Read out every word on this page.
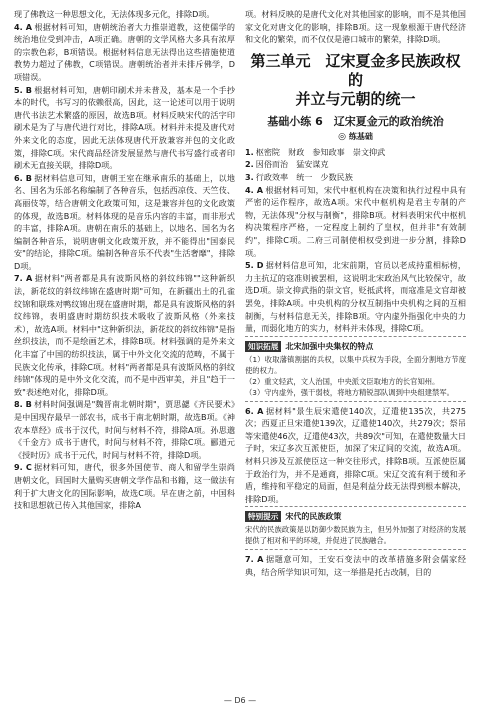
现了佛教这一种思想文化，无法体现多元化，排除D项。

4. A 根据材料可知，唐朝统治者大力推崇道教，这使儒学的统治地位受到冲击，A项正确。唐朝的文学风格大多具有浓厚的宗教色彩，B项错误。根据材料信息无法得出这些措施使道教势力超过了佛教，C项错误。唐朝统治者并未排斥佛学，D项错误。

5. B 根据材料可知，唐朝印刷术并未普及，基本是一个手抄本的时代，书写习的依赖很高，因此，这一论述可以用于说明唐代书法艺术繁盛的原因，故选B项。材料反映宋代的活字印刷术是为了与唐代进行对比，排除A项。材料并未提及唐代对外来文化的态度，因此无法体现唐代开放兼容并包的文化政策，排除C项。宋代商品经济发展显然与唐代书写盛行或者印刷术无直接关联，排除D项。

6. B 据材料信息可知，唐朝王室在继承南乐的基础上，以地名、国名为乐部名称编制了各种音乐，包括西凉伎、天竺伎、高丽伎等，结合唐朝文化政策可知，这是兼容并包的文化政策的体现，故选B项。材料体现的是音乐内容的丰富，而非形式的丰富，排除A项。唐朝在南乐的基础上，以地名、国名为名编制各种音乐，说明唐朝文化政策开放，并不能得出"国泰民安"的结论，排除C项。编制各种音乐不代表"生活奢靡"，排除D项。

7. A 据材料"两者都是具有波斯风格的斜纹纬锦""这种新织法，新花纹的斜纹纬锦在盛唐时期"可知，在新疆出土的孔雀纹锦和联珠对鸭纹锦出现在盛唐时期，都是具有波斯风格的斜纹纬锦，表明盛唐时期纺织技术吸收了波斯风格（外来技术），故选A项。材料中"这种新织法，新花纹的斜纹纬锦"是指丝织技法，而不是绘画艺术，排除B项。材料强调的是外来文化丰富了中国的纺织技法，属于中外文化交流的范畴，不属于民族文化传承，排除C项。材料"两者都是具有波斯风格的斜纹纬锦"体现的是中外文化交流，而不是中西审美，并且"趋于一致"表述绝对化，排除D项。

8. B 材料时间强调是"魏晋南北朝时期"，贾思勰《齐民要术》是中国现存最早一部农书，成书于南北朝时期，故选B项。《神农本草经》成书于汉代，时间与材料不符，排除A项。孙思邈《千金方》成书于唐代，时间与材料不符，排除C项。郦道元《授时历》成书于元代，时间与材料不符，排除D项。

9. C 据材料可知，唐代，很多外国使节、商人和留学生崇尚唐朝文化，回国时大量购买唐朝文学作品和书籍，这一做法有利于扩大唐文化的国际影响，故选C项。早在唐之前，中国科技和思想就已传入其他国家，排除A

项。材料反映的是唐代文化对其他国家的影响，而不是其他国家文化对唐文化的影响，排除B项。这一现象根源于唐代经济和文化的繁荣，而不仅仅是港口城市的繁荣，排除D项。

第三单元　辽宋夏金多民族政权的
并立与元朝的统一
基础小练 6　辽宋夏金元的政治统治
◎ 练基础

1. 枢密院　财政　参知政事　崇文抑武

2. 因俗而治　猛安谋克

3. 行政效率　统一　少数民族

4. A 根据材料可知，宋代中枢机构在决策和执行过程中具有严密的运作程序，故选A项。宋代中枢机构是君主专制的产物，无法体现"分权与制衡"，排除B项。材料表明宋代中枢机构决策程序严格，一定程度上制约了皇权，但并非"有效制约"，排除C项。二府三司制使相权受到进一步分割，排除D项。

5. D 据材料信息可知，北宋前期，官员以老成持重相标榜，力主抗辽的寇准则被罢相，这说明北宋政治风气比较保守，故选D项。崇文抑武指的崇文官，贬抵武将，而寇准是文官却被罢免，排除A项。中央机构的分权互制指中央机构之间的互相制衡，与材料信息无关，排除B项。守内虚外指强化中央的力量，而弱化地方的实力，材料并未体现，排除C项。

知识拓展 北宋加强中央集权的特点

（1）收取藩镇割据的兵权，以集中兵权为手段，全面分割地方节度使的权力。

（2）重文轻武，文人治国，中央派文臣取地方的长官知州。

（3）守内虚外，强干弱枝，将地方精锐部队调到中央组建禁军。

6. A 据材料"景生辰宋遣使140次，辽遣使135次，共275次；西夏正旦宋遣使139次，辽遣使140次，共279次；祭吊等宋遣使46次，辽遣使43次，共89次"可知，在遣使数量大日子时，宋辽多次互派使臣，加深了宋辽间的交流，故选A项。材料只涉及互派使臣这一种交往形式，排除B项。互派使臣属于政治行为，并不是通商，排除C项。宋辽交流有利于缓和矛盾，维持和平稳定的局面，但是利益分歧无法得到根本解决，排除D项。

特别提示 宋代的民族政策

宋代的民族政策是以防御少数民族为主，但另外加强了对经济的发展提供了相对和平的环境，并促进了民族融合。

7. A 据题意可知，王安石变法中的改革措施多附会儒家经典，结合所学知识可知，这一举措是托古改制，目的

— D6 —
